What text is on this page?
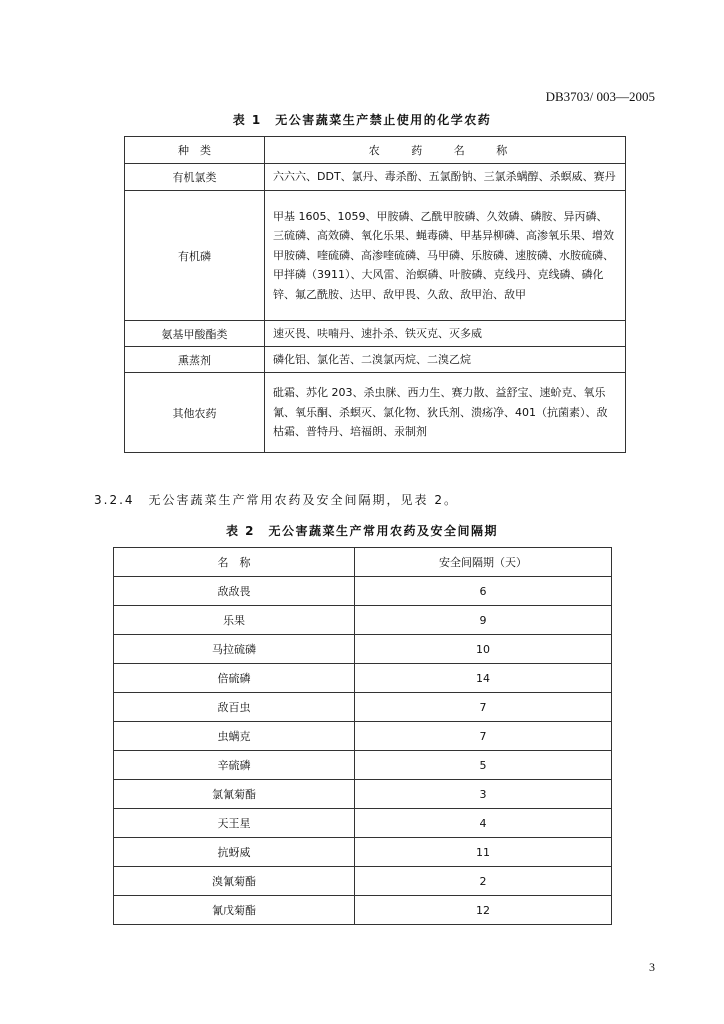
DB3703/ 003—2005
表 1　无公害蔬菜生产禁止使用的化学农药
种　类	农 药 名 称
有机氯类	六六六、DDT、氯丹、毒杀酚、五氯酚钠、三氯杀螨醇、杀螟威、赛丹
有机磷	甲基 1605、1059、甲胺磷、乙酰甲胺磷、久效磷、磷胺、异丙磷、三硫磷、高效磷、氧化乐果、蝇毒磷、甲基异柳磷、高渗氧乐果、增效甲胺磷、喹硫磷、高渗喹硫磷、马甲磷、乐胺磷、速胺磷、水胺硫磷、甲拌磷（3911）、大风雷、治螟磷、叶胺磷、克线丹、克线磷、磷化锌、氟乙酰胺、达甲、敌甲畏、久敌、敌甲治、敌甲
氨基甲酸酯类	速灭畏、呋喃丹、速扑杀、铁灭克、灭多威
熏蒸剂	磷化铝、氯化苦、二溴氯丙烷、二溴乙烷
其他农药	砒霜、苏化 203、杀虫脒、西力生、赛力散、益舒宝、速蚧克、氧乐氰、氧乐酮、杀螟灭、氯化物、狄氏剂、溃疡净、401（抗菌素）、敌枯霜、普特丹、培福朗、汞制剂
3.2.4　无公害蔬菜生产常用农药及安全间隔期，见表 2。
表 2　无公害蔬菜生产常用农药及安全间隔期
名　称	安全间隔期（天）
敌敌畏	6
乐果	9
马拉硫磷	10
倍硫磷	14
敌百虫	7
虫螨克	7
辛硫磷	5
氯氰菊酯	3
天王星	4
抗蚜威	11
溴氰菊酯	2
氰戊菊酯	12
3
